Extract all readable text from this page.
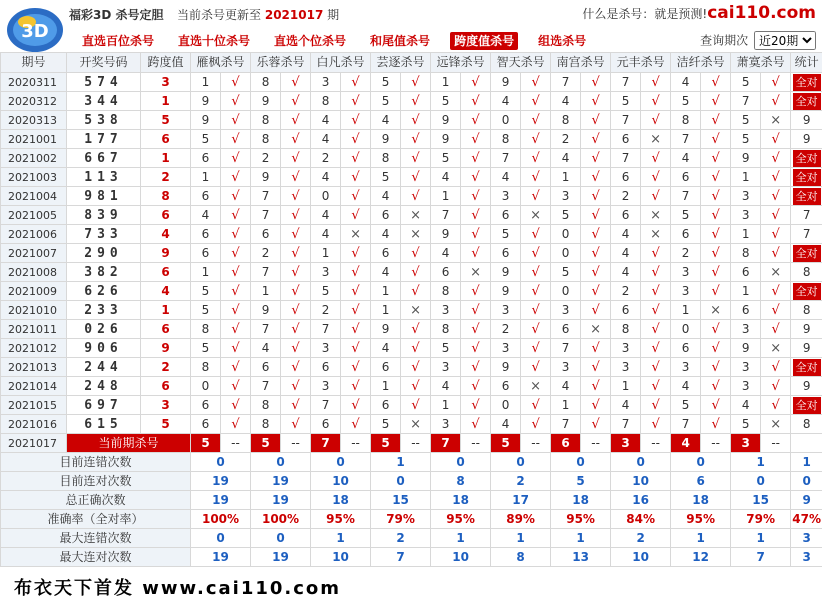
3D
福彩3D 杀号定胆 当前杀号更新至 2021017 期	什么是杀号：就是预测!cai110.com
直选百位杀号	直选十位杀号	直选个位杀号	和尾值杀号	跨度值杀号	组选杀号	查询期次
近20期
期号	开奖号码	跨度值	雁枫杀号		乐蓉杀号		白凡杀号		芸逐杀号		远锋杀号		智天杀号		南宫杀号		元丰杀号		洁纤杀号		萧寞杀号		统计
2020311	574	3	1	√	8	√	3	√	5	√	1	√	9	√	7	√	7	√	4	√	5	√	全对
2020312	344	1	9	√	9	√	8	√	5	√	5	√	4	√	4	√	5	√	5	√	7	√	全对
2020313	538	5	9	√	8	√	4	√	4	√	9	√	0	√	8	√	7	√	8	√	5	×	9
2021001	177	6	5	√	8	√	4	√	9	√	9	√	8	√	2	√	6	×	7	√	5	√	9
2021002	667	1	6	√	2	√	2	√	8	√	5	√	7	√	4	√	7	√	4	√	9	√	全对
2021003	113	2	1	√	9	√	4	√	5	√	4	√	4	√	1	√	6	√	6	√	1	√	全对
2021004	981	8	6	√	7	√	0	√	4	√	1	√	3	√	3	√	2	√	7	√	3	√	全对
2021005	839	6	4	√	7	√	4	√	6	×	7	√	6	×	5	√	6	×	5	√	3	√	7
2021006	733	4	6	√	6	√	4	×	4	×	9	√	5	√	0	√	4	×	6	√	1	√	7
2021007	290	9	6	√	2	√	1	√	6	√	4	√	6	√	0	√	4	√	2	√	8	√	全对
2021008	382	6	1	√	7	√	3	√	4	√	6	×	9	√	5	√	4	√	3	√	6	×	8
2021009	626	4	5	√	1	√	5	√	1	√	8	√	9	√	0	√	2	√	3	√	1	√	全对
2021010	233	1	5	√	9	√	2	√	1	×	3	√	3	√	3	√	6	√	1	×	6	√	8
2021011	026	6	8	√	7	√	7	√	9	√	8	√	2	√	6	×	8	√	0	√	3	√	9
2021012	906	9	5	√	4	√	3	√	4	√	5	√	3	√	7	√	3	√	6	√	9	×	9
2021013	244	2	8	√	6	√	6	√	6	√	3	√	9	√	3	√	3	√	3	√	3	√	全对
2021014	248	6	0	√	7	√	3	√	1	√	4	√	6	×	4	√	1	√	4	√	3	√	9
2021015	697	3	6	√	8	√	7	√	6	√	1	√	0	√	1	√	4	√	5	√	4	√	全对
2021016	615	5	6	√	8	√	6	√	5	×	3	√	4	√	7	√	7	√	7	√	5	×	8
2021017	当前期杀号		5	--	5	--	7	--	5	--	7	--	5	--	6	--	3	--	4	--	3	--	
目前连错次数			0		0		0		1		0		0		0		0		0		1		1
目前连对次数			19		19		10		0		8		2		5		10		6		0		0
总正确次数			19		19		18		15		18		17		18		16		18		15		9
准确率（全对率）			100%		100%		95%		79%		95%		89%		95%		84%		95%		79%		47%
最大连错次数			0		0		1		2		1		1		1		2		1		1		3
最大连对次数			19		19		10		7		10		8		13		10		12		7		3
布衣天下首发 www.cai110.com
